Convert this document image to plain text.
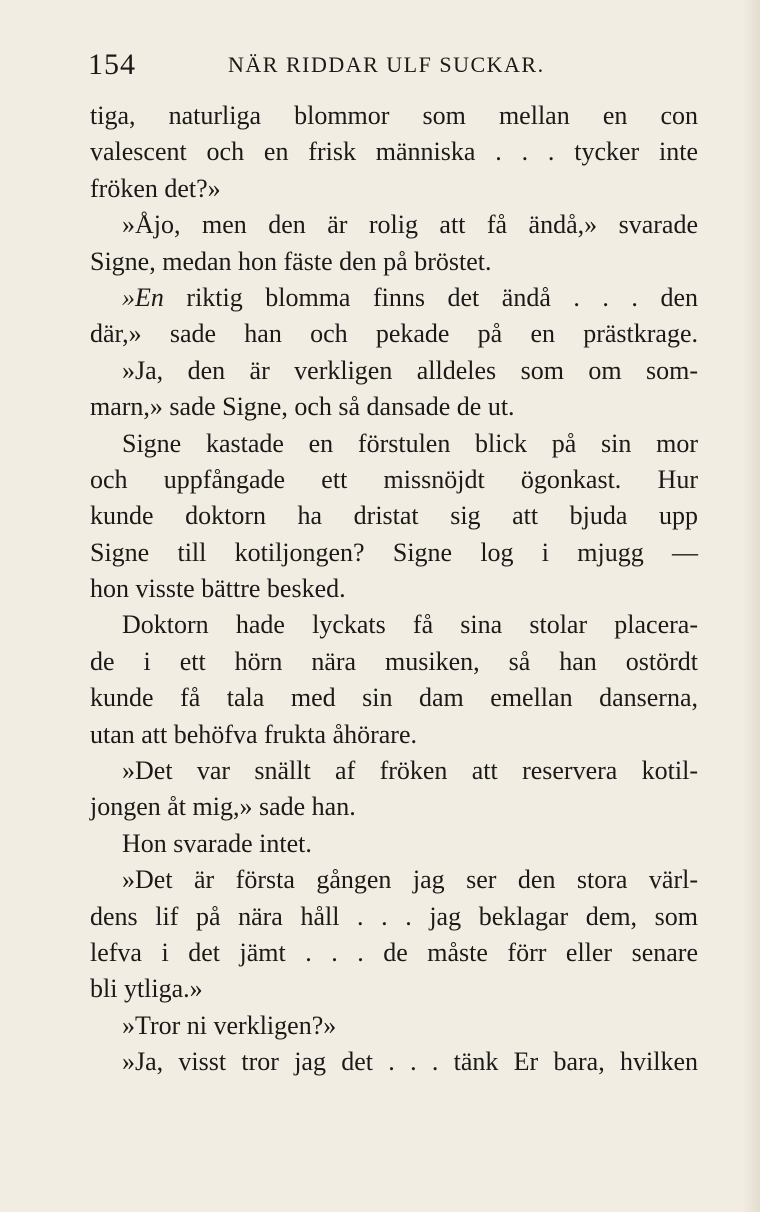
154	NÄR RIDDAR ULF SUCKAR.
tiga, naturliga blommor som mellan en con
valescent och en frisk människa . . . tycker inte
fröken det?»
»Åjo, men den är rolig att få ändå,» svarade
Signe, medan hon fäste den på bröstet.
»En riktig blomma finns det ändå . . . den
där,» sade han och pekade på en prästkrage.
»Ja, den är verkligen alldeles som om som-
marn,» sade Signe, och så dansade de ut.
Signe kastade en förstulen blick på sin mor
och uppfångade ett missnöjdt ögonkast. Hur
kunde doktorn ha dristat sig att bjuda upp
Signe till kotiljongen? Signe log i mjugg —
hon visste bättre besked.
Doktorn hade lyckats få sina stolar placera-
de i ett hörn nära musiken, så han ostördt
kunde få tala med sin dam emellan danserna,
utan att behöfva frukta åhörare.
»Det var snällt af fröken att reservera kotil-
jongen åt mig,» sade han.
Hon svarade intet.
»Det är första gången jag ser den stora värl-
dens lif på nära håll . . . jag beklagar dem, som
lefva i det jämt . . . de måste förr eller senare
bli ytliga.»
»Tror ni verkligen?»
»Ja, visst tror jag det . . . tänk Er bara, hvilken
